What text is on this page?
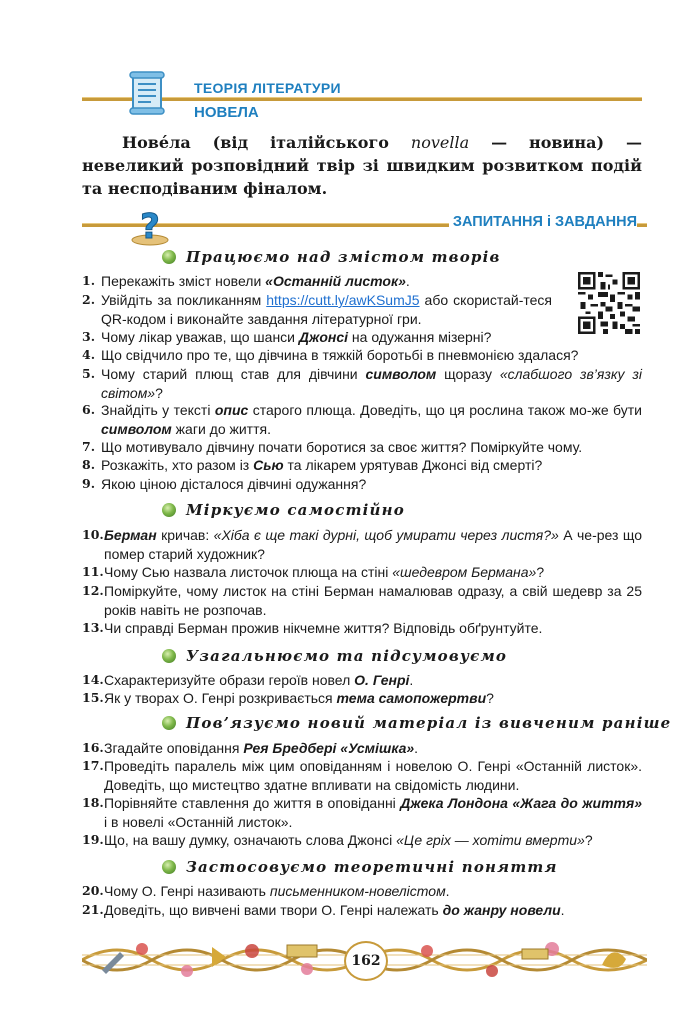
ТЕОРІЯ ЛІТЕРАТУРИ
НОВЕЛА
Нове́ла (від італійського novella — новина) — невеликий розповідний твір зі швидким розвитком подій та несподіваним фіналом.
?	ЗАПИТАННЯ і ЗАВДАННЯ
Працюємо над змістом творів
1. Перекажіть зміст новели «Останній листок».
2. Увійдіть за покликанням https://cutt.ly/awKSumJ5 або скористай-теся QR-кодом і виконайте завдання літературної гри.
3. Чому лікар уважав, що шанси Джонсі на одужання мізерні?
4. Що свідчило про те, що дівчина в тяжкій боротьбі в пневмонією здалася?
5. Чому старий плющ став для дівчини символом щоразу «слабшого зв’язку зі світом»?
6. Знайдіть у тексті опис старого плюща. Доведіть, що ця рослина також мо-же бути символом жаги до життя.
7. Що мотивувало дівчину почати боротися за своє життя? Поміркуйте чому.
8. Розкажіть, хто разом із Сью та лікарем урятував Джонсі від смерті?
9. Якою ціною дісталося дівчині одужання?
Міркуємо самостійно
10. Берман кричав: «Хіба є ще такі дурні, щоб умирати через листя?» А че-рез що помер старий художник?
11. Чому Сью назвала листочок плюща на стіні «шедевром Бермана»?
12. Поміркуйте, чому листок на стіні Берман намалював одразу, а свій шедевр за 25 років навіть не розпочав.
13. Чи справді Берман прожив нікчемне життя? Відповідь обґрунтуйте.
Узагальнюємо та підсумовуємо
14. Схарактеризуйте образи героїв новел О. Генрі.
15. Як у творах О. Генрі розкривається тема самопожертви?
Пов’язуємо новий матеріал із вивченим раніше
16. Згадайте оповідання Рея Бредбері «Усмішка».
17. Проведіть паралель між цим оповіданням і новелою О. Генрі «Останній листок». Доведіть, що мистецтво здатне впливати на свідомість людини.
18. Порівняйте ставлення до життя в оповіданні Джека Лондона «Жага до життя» і в новелі «Останній листок».
19. Що, на вашу думку, означають слова Джонсі «Це гріх — хотіти вмерти»?
Застосовуємо теоретичні поняття
20. Чому О. Генрі називають письменником-новелістом.
21. Доведіть, що вивчені вами твори О. Генрі належать до жанру новели.
162
